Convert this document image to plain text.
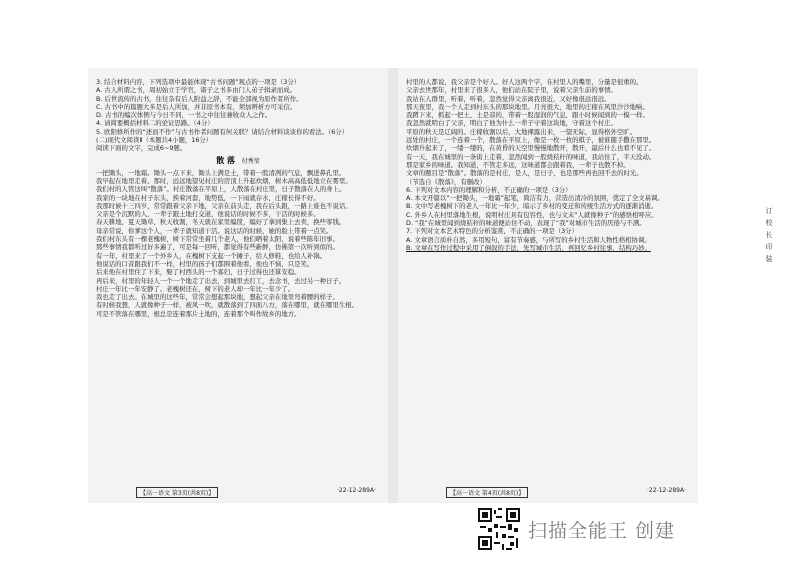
3. 结合材料内容，下列选项中最能体现“古书问题”观点的一项是（3分）
A. 古人所谓之书，周初始立于学官，诸子之书多由门人弟子辑录而成。
B. 后世流传的古书，往往杂有后人附益之辞，不能全部视为原作者所作。
C. 古书中的篇题大多是后人所加，并非原书本有，须加辨析方可采信。
D. 古书的编次体例与今日不同，一书之中往往兼收众人之作。
4. 请简要概括材料二的论证思路。（4分）
5. 欧阳修所作的“述而不作”与古书作者问题有何关联？请结合材料谈谈你的看法。（6分）
(二)现代文阅读Ⅱ（本题共4小题，16分）
阅读下面的文字，完成6~9题。
散 落 付秀莹
一把锄头，一地霜。锄头一点下来，锄头上满是土，带着一股清冽的气息，飘进鼻孔里。
我早起在地里走着。那时，远远地望见村庄的房顶上升起炊烟，树木高高低低地立在雾里。
我们村的人管这叫“散落”。村庄散落在平原上，人散落在村庄里，日子散落在人的身上。
我家的一块地在村子东头，挨着河套，地势低，一下雨就存水，庄稼长得不好。
我那时候十三四岁，常常跟着父亲下地，父亲在前头走，我在后头跟，一路上谁也不说话。
父亲是个沉默的人，一辈子跟土地打交道，他说话的时候不多，干活的时候多。
春天耕地，夏天锄草，秋天收割，冬天就在家里编筐，编好了拿到集上去卖，换些零钱。
母亲常说，你爹这个人，一辈子就知道干活。说这话的时候，她的脸上带着一点笑。
我们村东头有一棵老槐树，树下常常坐着几个老人，他们晒着太阳，说着些陈年旧事。
那些事情我都听过好多遍了，可是每一回听，都觉得有些新鲜，仿佛第一次听到似的。
有一年，村里来了一个外乡人，在槐树下支起一个摊子，给人修鞋，也给人补锅。
他说话的口音跟我们不一样，村里的孩子们都围着他看，他也不恼，只是笑。
后来他在村里住了下来，娶了村西头的一个寡妇，日子过得也还算安稳。
再后来，村里的年轻人一个一个地走了出去，到城里去打工，去念书，去过另一种日子。
村庄一年比一年安静了。老槐树还在，树下的老人却一年比一年少了。
我也走了出去。在城里的这些年，常常会想起那块地，想起父亲在地里弯着腰的样子。
有时候我想，人就像种子一样，被风一吹，就散落到了四面八方，落在哪里，就在哪里生根。
可是不管落在哪里，根总是连着那片土地的，连着那个叫作故乡的地方。
【高一语文 第3页(共8页)】	·22-12-289A·
村里的人都说，我父亲是个好人。好人这两个字，在村里人的嘴里，分量是很重的。
父亲去世那年，村里来了很多人，他们站在院子里，说着父亲生前的事情。
我站在人群里，听着，听着，忽然觉得父亲离我很近，又好像很远很远。
那天夜里，我一个人走到村东头的那块地里。月亮很大，地里的庄稼在风里沙沙地响。
我蹲下来，抓起一把土，土是凉的，带着一股湿润的气息，跟小时候闻到的一模一样。
我忽然就明白了父亲，明白了他为什么一辈子守着这块地，守着这个村庄。
平原的秋天是辽阔的。庄稼收割以后，大地裸露出来，一望无际，显得格外空旷。
远处的村庄，一个连着一个，散落在平原上，像是一枚一枚的棋子，被谁随手撒在那里。
炊烟升起来了，一缕一缕的，在黄昏的天空里慢慢地散开，散开，最后什么也看不见了。
有一天，我在城里的一条街上走着，忽然闻到一股烧秸秆的味道，我站住了，半天没动。
那是家乡的味道。我知道，不管走多远，这味道都会跟着我，一辈子也散不掉。
文章的题目是“散落”。散落的是村庄，是人，是日子，也是那些再也回不去的时光。
（节选自《散落》，有删改）
6. 下列对文本内容的理解和分析，不正确的一项是（3分）
A. 本文开篇以“一把锄头，一地霜”起笔，简洁有力，营造出清冷的氛围，奠定了全文基调。
B. 文中写老槐树下的老人一年比一年少，暗示了乡村的变迁和传统生活方式的逐渐消逝。
C. 外乡人在村里落地生根，说明村庄具有包容性，也与文末“人就像种子”的感悟相呼应。
D. “我”在城里闻到烧秸秆的味道便站住不动，表现了“我”对城市生活的厌倦与不满。
7. 下列对文本艺术特色的分析鉴赏，不正确的一项是（3分）
A. 文章语言质朴自然，多用短句，富有节奏感，与所写的乡村生活和人物性格相协调。
B. 文章在写作过程中采用了倒叙的手法，先写城市生活，再回忆乡村往事，结构巧妙。
【高一语文 第4页(共8页)】	·22-12-289A·
订
校
长
印
装
扫描全能王 创建
